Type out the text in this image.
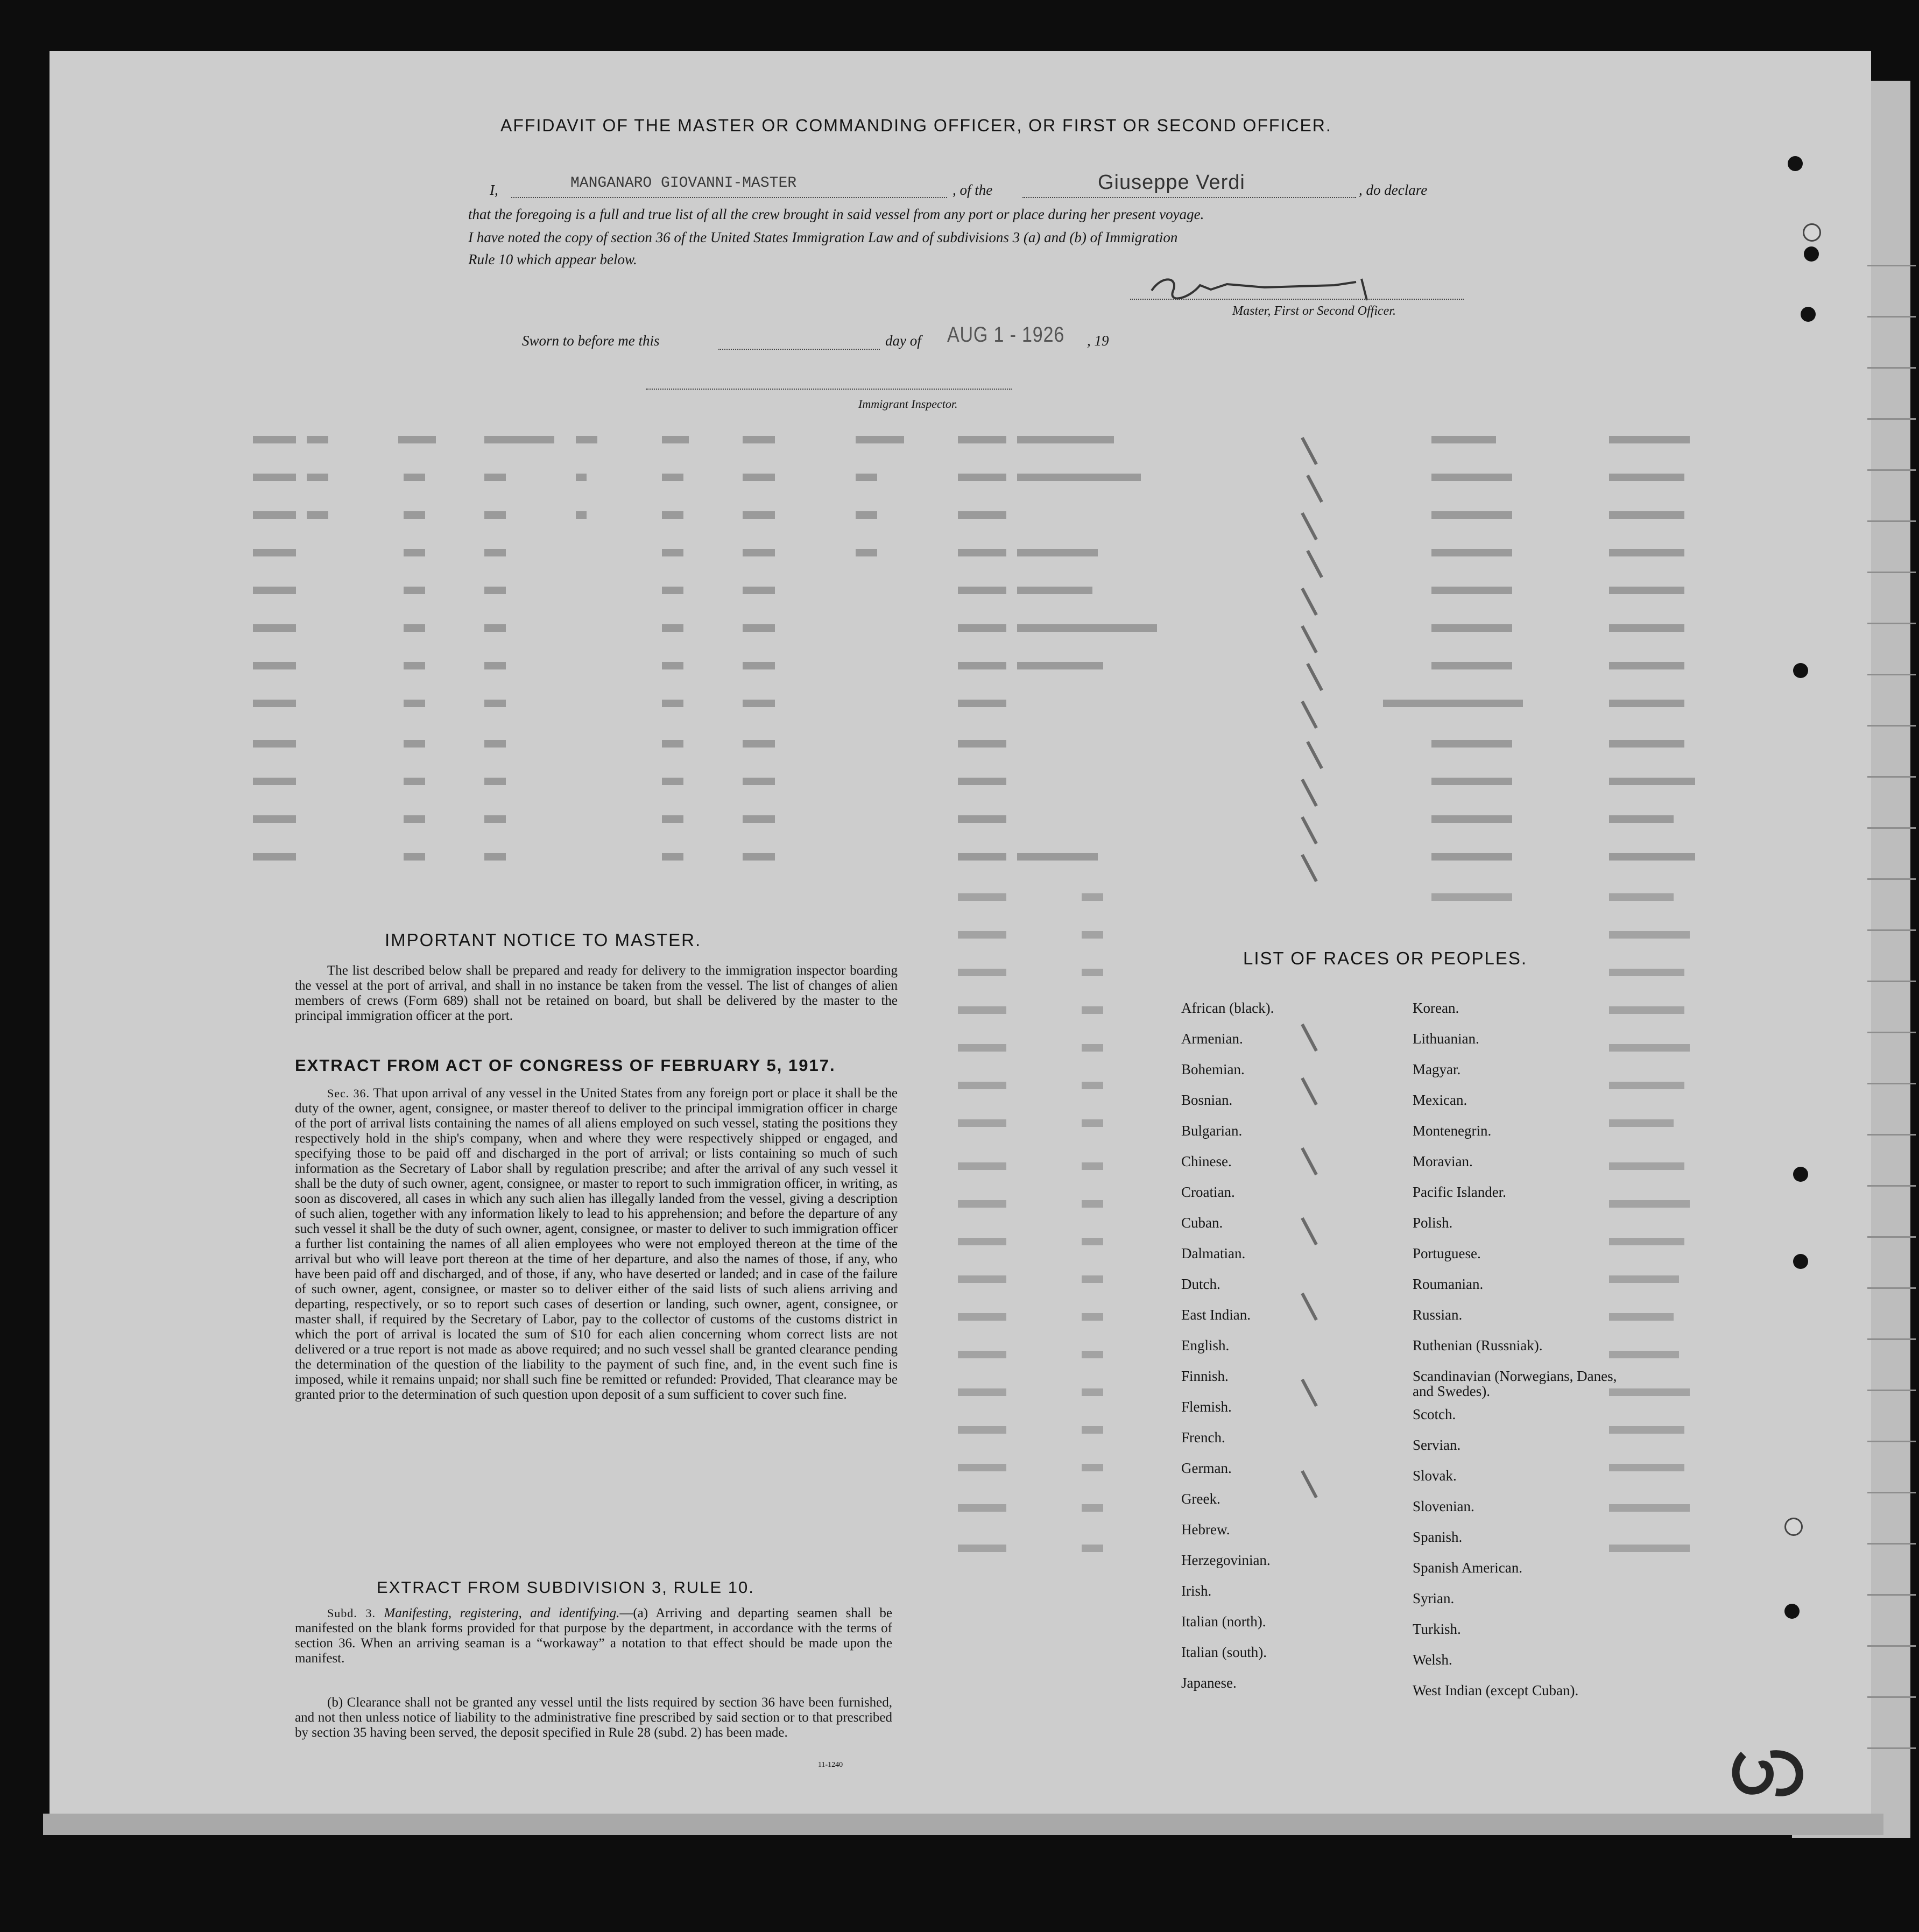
AFFIDAVIT OF THE MASTER OR COMMANDING OFFICER, OR FIRST OR SECOND OFFICER.
I,	MANGANARO GIOVANNI-MASTER	, of the	Giuseppe Verdi	, do declare
that the foregoing is a full and true list of all the crew brought in said vessel from any port or place during her present voyage.
I have noted the copy of section 36 of the United States Immigration Law and of subdivisions 3 (a) and (b) of Immigration
Rule 10 which appear below.
Master, First or Second Officer.
Sworn to before me this	day of AUG 1 - 1926 , 19
Immigrant Inspector.
IMPORTANT NOTICE TO MASTER.
The list described below shall be prepared and ready for delivery to the immigration inspector boarding the vessel at the port of arrival, and shall in no instance be taken from the vessel. The list of changes of alien members of crews (Form 689) shall not be retained on board, but shall be delivered by the master to the principal immigration officer at the port.
EXTRACT FROM ACT OF CONGRESS OF FEBRUARY 5, 1917.
Sec. 36. That upon arrival of any vessel in the United States from any foreign port or place it shall be the duty of the owner, agent, consignee, or master thereof to deliver to the principal immigration officer in charge of the port of arrival lists containing the names of all aliens employed on such vessel, stating the positions they respectively hold in the ship's company, when and where they were respectively shipped or engaged, and specifying those to be paid off and discharged in the port of arrival; or lists containing so much of such information as the Secretary of Labor shall by regulation prescribe; and after the arrival of any such vessel it shall be the duty of such owner, agent, consignee, or master to report to such immigration officer, in writing, as soon as discovered, all cases in which any such alien has illegally landed from the vessel, giving a description of such alien, together with any information likely to lead to his apprehension; and before the departure of any such vessel it shall be the duty of such owner, agent, consignee, or master to deliver to such immigration officer a further list containing the names of all alien employees who were not employed thereon at the time of the arrival but who will leave port thereon at the time of her departure, and also the names of those, if any, who have been paid off and discharged, and of those, if any, who have deserted or landed; and in case of the failure of such owner, agent, consignee, or master so to deliver either of the said lists of such aliens arriving and departing, respectively, or so to report such cases of desertion or landing, such owner, agent, consignee, or master shall, if required by the Secretary of Labor, pay to the collector of customs of the customs district in which the port of arrival is located the sum of $10 for each alien concerning whom correct lists are not delivered or a true report is not made as above required; and no such vessel shall be granted clearance pending the determination of the question of the liability to the payment of such fine, and, in the event such fine is imposed, while it remains unpaid; nor shall such fine be remitted or refunded: Provided, That clearance may be granted prior to the determination of such question upon deposit of a sum sufficient to cover such fine.
EXTRACT FROM SUBDIVISION 3, RULE 10.
Subd. 3. Manifesting, registering, and identifying.—(a) Arriving and departing seamen shall be manifested on the blank forms provided for that purpose by the department, in accordance with the terms of section 36. When an arriving seaman is a “workaway” a notation to that effect should be made upon the manifest.
(b) Clearance shall not be granted any vessel until the lists required by section 36 have been furnished, and not then unless notice of liability to the administrative fine prescribed by said section or to that prescribed by section 35 having been served, the deposit specified in Rule 28 (subd. 2) has been made.
11-1240
LIST OF RACES OR PEOPLES.
African (black).
Armenian.
Bohemian.
Bosnian.
Bulgarian.
Chinese.
Croatian.
Cuban.
Dalmatian.
Dutch.
East Indian.
English.
Finnish.
Flemish.
French.
German.
Greek.
Hebrew.
Herzegovinian.
Irish.
Italian (north).
Italian (south).
Japanese.
Korean.
Lithuanian.
Magyar.
Mexican.
Montenegrin.
Moravian.
Pacific Islander.
Polish.
Portuguese.
Roumanian.
Russian.
Ruthenian (Russniak).
Scandinavian (Norwegians, Danes, and Swedes).
Scotch.
Servian.
Slovak.
Slovenian.
Spanish.
Spanish American.
Syrian.
Turkish.
Welsh.
West Indian (except Cuban).
